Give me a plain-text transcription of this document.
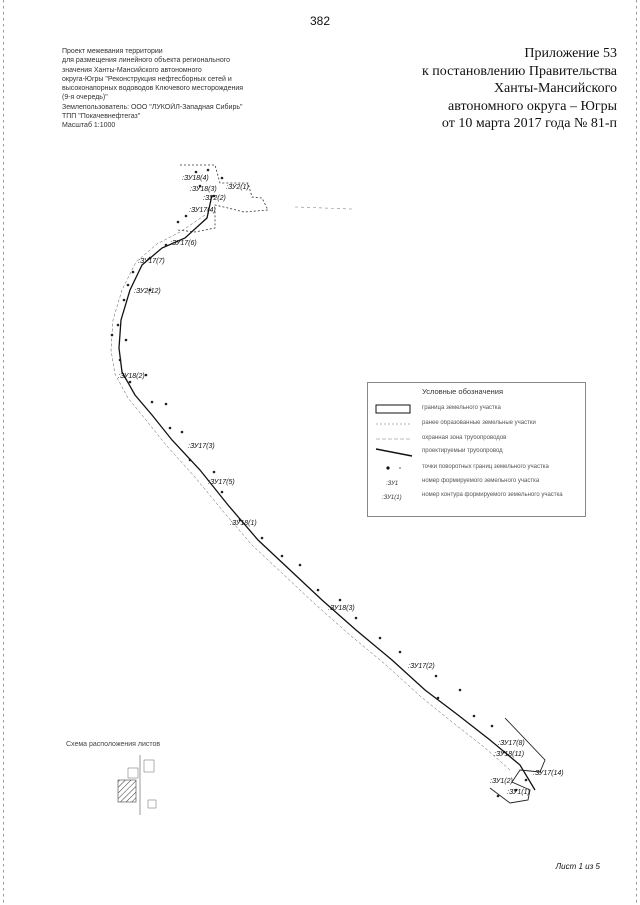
382
Проект межевания территории
для размещения линейного объекта регионального
значения Ханты-Мансийского автономного
округа-Югры "Реконструкция нефтесборных сетей и
высоконапорных водоводов Ключевого месторождения
(9-я очередь)"
Землепользователь: ООО "ЛУКОЙЛ-Западная Сибирь"
ТПП "Покачевнефтегаз"
Масштаб 1:1000
Приложение 53
к постановлению Правительства
Ханты-Мансийского
автономного округа – Югры
от 10 марта 2017 года № 81-п
:ЗУ18(4)
:ЗУ18(3) :ЗУ2(1)
:ЗУ2(2)
:ЗУ17(4)
:ЗУ17(6)
:ЗУ17(7)
:ЗУ2(12)
:ЗУ18(2)
:ЗУ17(3)
:ЗУ17(5)
:ЗУ18(1)
:ЗУ18(3)
:ЗУ17(2)
:ЗУ17(8)
:ЗУ18(11)
:ЗУ1(2)
:ЗУ17(14)
:ЗУ1(1)
Условные обозначения
граница земельного участка
ранее образованные земельные участки
охранная зона трубопроводов
проектируемый трубопровод
точки поворотных границ земельного участка
:ЗУ1	номер формируемого земельного участка
:ЗУ1(1)	номер контура формируемого земельного участка
Схема расположения листов
Лист 1 из 5
